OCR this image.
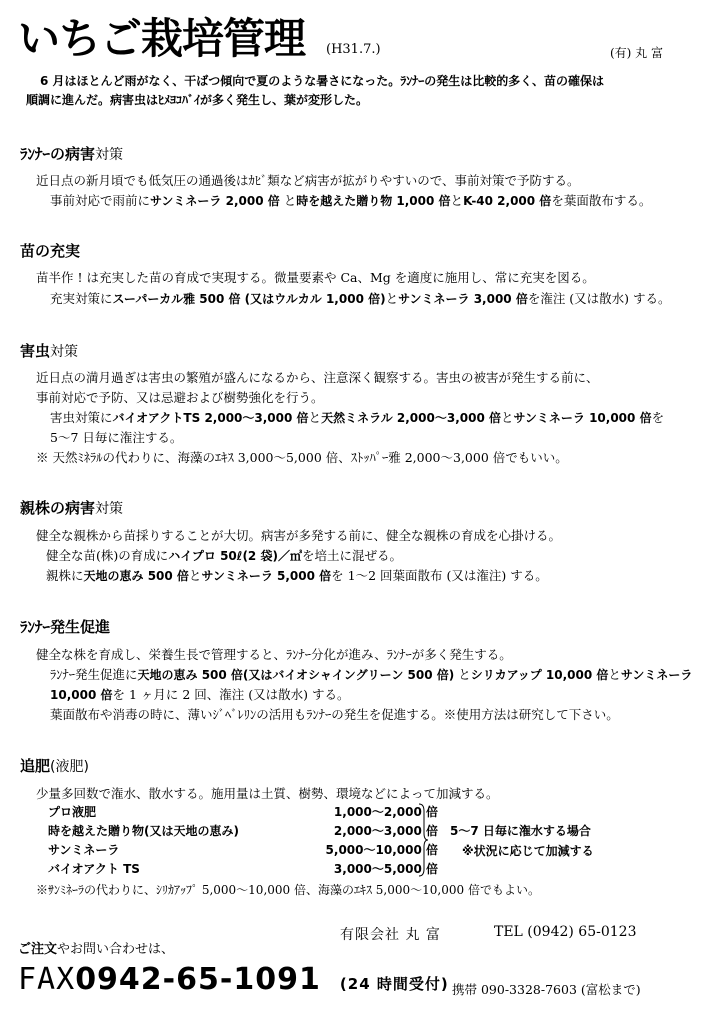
いちご栽培管理 (H31.7.)	(有) 丸 富
6 月はほとんど雨がなく、干ばつ傾向で夏のような暑さになった。ﾗﾝﾅｰの発生は比較的多く、苗の確保は
順調に進んだ。病害虫はﾋﾒﾖｺﾊﾞｲが多く発生し、葉が変形した。
ﾗﾝﾅｰの病害対策
近日点の新月頃でも低気圧の通過後はｶﾋﾞ類など病害が拡がりやすいので、事前対策で予防する。
事前対応で雨前にサンミネーラ 2,000 倍 と時を越えた贈り物 1,000 倍とK-40 2,000 倍を葉面散布する。
苗の充実
苗半作 ! は充実した苗の育成で実現する。微量要素や Ca、Mg を適度に施用し、常に充実を図る。
充実対策にスーパーカル雅 500 倍 (又はウルカル 1,000 倍)とサンミネーラ 3,000 倍を潅注 (又は散水) する。
害虫対策
近日点の満月過ぎは害虫の繁殖が盛んになるから、注意深く観察する。害虫の被害が発生する前に、
事前対応で予防、又は忌避および樹勢強化を行う。
害虫対策にバイオアクトTS 2,000～3,000 倍と天然ミネラル 2,000～3,000 倍とサンミネーラ 10,000 倍を
5～7 日毎に潅注する。
※ 天然ﾐﾈﾗﾙの代わりに、海藻のｴｷｽ 3,000～5,000 倍、ｽﾄｯﾊﾟｰ雅 2,000～3,000 倍でもいい。
親株の病害対策
健全な親株から苗採りすることが大切。病害が多発する前に、健全な親株の育成を心掛ける。
健全な苗(株)の育成にハイプロ 50ℓ(2 袋)／㎥を培土に混ぜる。
親株に天地の恵み 500 倍とサンミネーラ 5,000 倍を 1～2 回葉面散布 (又は潅注) する。
ﾗﾝﾅｰ発生促進
健全な株を育成し、栄養生長で管理すると、ﾗﾝﾅｰ分化が進み、ﾗﾝﾅｰが多く発生する。
ﾗﾝﾅｰ発生促進に天地の恵み 500 倍(又はバイオシャイングリーン 500 倍) とシリカアップ 10,000 倍とサンミネーラ
10,000 倍を 1 ヶ月に 2 回、潅注 (又は散水) する。
葉面散布や消毒の時に、薄いｼﾞﾍﾞﾚﾘﾝの活用もﾗﾝﾅｰの発生を促進する。※使用方法は研究して下さい。
追肥(液肥)
少量多回数で潅水、散水する。施用量は土質、樹勢、環境などによって加減する。
プロ液肥	1,000～2,000 倍
時を越えた贈り物(又は天地の恵み)	2,000～3,000 倍
サンミネーラ	5,000～10,000 倍
バイオアクト TS	3,000～5,000 倍
5～7 日毎に潅水する場合
※状況に応じて加減する
※ｻﾝﾐﾈｰﾗの代わりに、ｼﾘｶｱｯﾌﾟ 5,000～10,000 倍、海藻のｴｷｽ 5,000～10,000 倍でもよい。
ご注文やお問い合わせは、
有限会社 丸 富	TEL (0942) 65-0123
FAX0942-65-1091 (24 時間受付) 携帯 090-3328-7603 (富松まで)
